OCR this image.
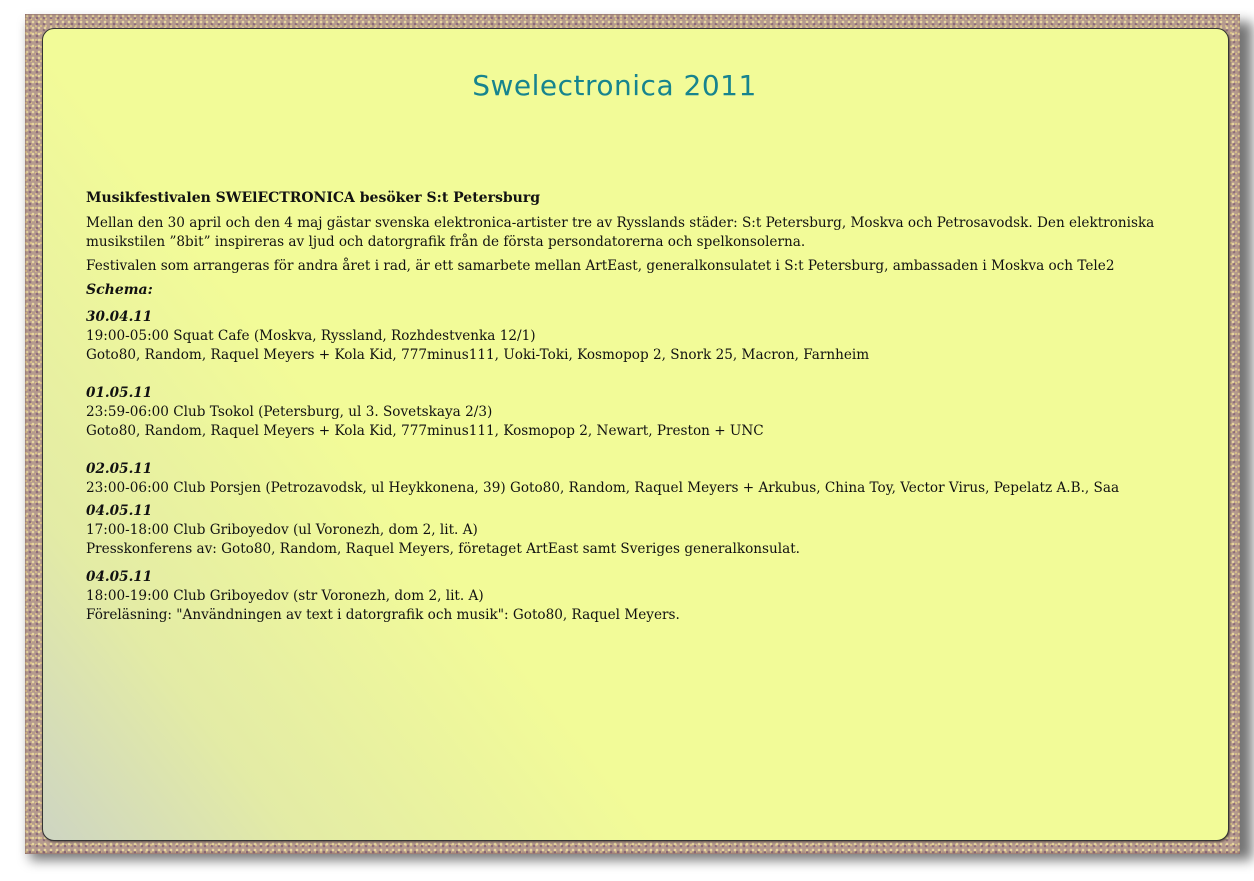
Swelectronica 2011
Musikfestivalen SWElECTRONICA besöker S:t Petersburg
Mellan den 30 april och den 4 maj gästar svenska elektronica-artister tre av Rysslands städer: S:t Petersburg, Moskva och Petrosavodsk. Den elektroniska musikstilen ”8bit” inspireras av ljud och datorgrafik från de första persondatorerna och spelkonsolerna.
Festivalen som arrangeras för andra året i rad, är ett samarbete mellan ArtEast, generalkonsulatet i S:t Petersburg, ambassaden i Moskva och Tele2
Schema:
30.04.11
19:00-05:00 Squat Cafe (Moskva, Ryssland, Rozhdestvenka 12/1)
Goto80, Random, Raquel Meyers + Kola Kid, 777minus111, Uoki-Toki, Kosmopop 2, Snork 25, Macron, Farnheim
01.05.11
23:59-06:00 Club Tsokol (Petersburg, ul 3. Sovetskaya 2/3)
Goto80, Random, Raquel Meyers + Kola Kid, 777minus111, Kosmopop 2, Newart, Preston + UNC
02.05.11
23:00-06:00 Club Porsjen (Petrozavodsk, ul Heykkonena, 39) Goto80, Random, Raquel Meyers + Arkubus, China Toy, Vector Virus, Pepelatz A.B., Saa
04.05.11
17:00-18:00 Club Griboyedov (ul Voronezh, dom 2, lit. A)
Presskonferens av: Goto80, Random, Raquel Meyers, företaget ArtEast samt Sveriges generalkonsulat.
04.05.11
18:00-19:00 Club Griboyedov (str Voronezh, dom 2, lit. A)
Föreläsning: "Användningen av text i datorgrafik och musik": Goto80, Raquel Meyers.
